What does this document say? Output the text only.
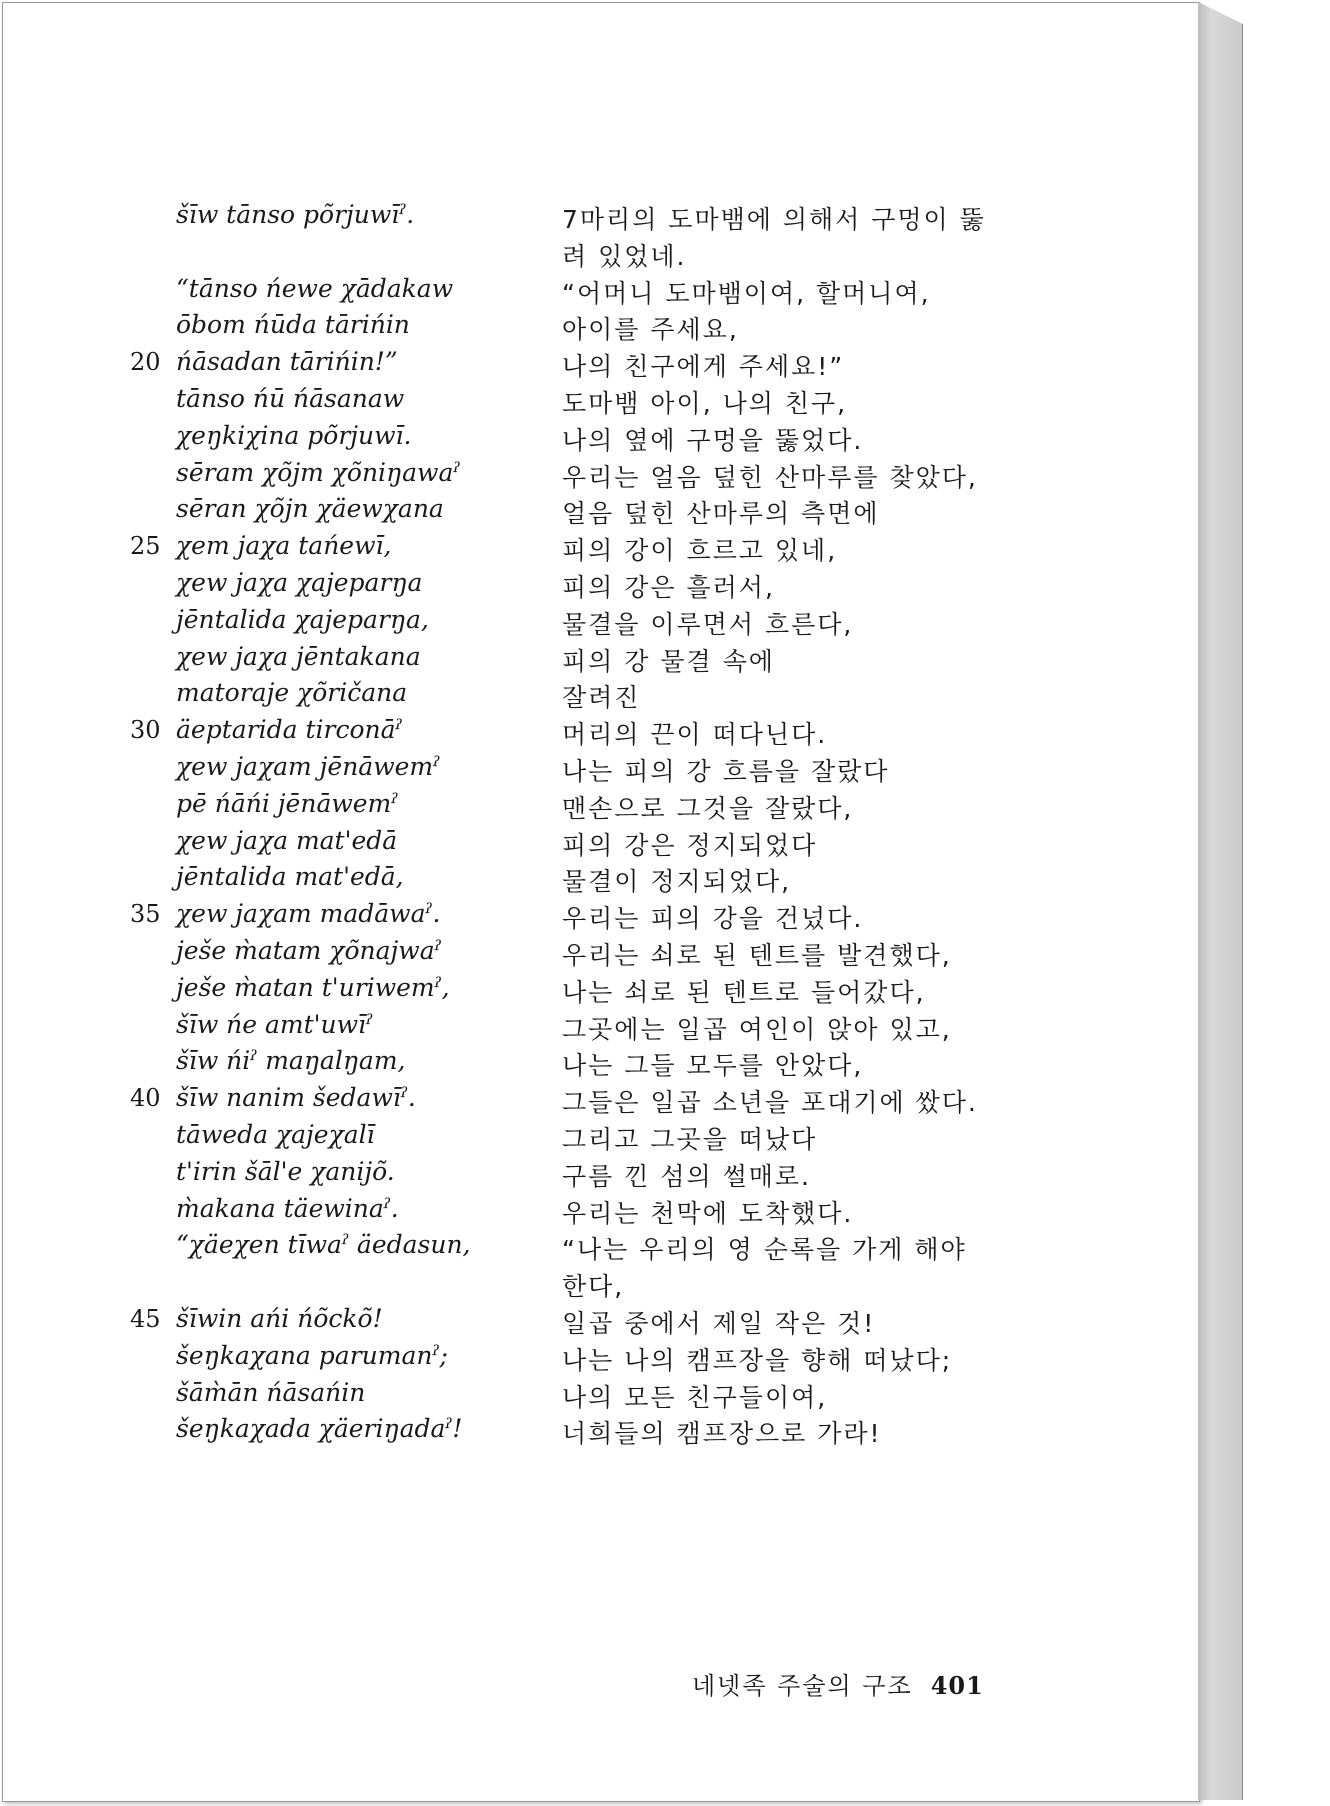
šīw tānso põrjuwīˀ.
“tānso ńewe χādakaw
ōbom ńūda tārińin
20 ńāsadan tārińin!”
tānso ńū ńāsanaw
χeŋkiχina põrjuwī.
sēram χõjm χõniŋawaˀ
sēran χõjn χäewχana
25 χem jaχa tańewī,
χew jaχa χajeparŋa
jēntalida χajeparŋa,
χew jaχa jēntakana
matoraje χõričana
30 äeptarida tirconāˀ
χew jaχam jēnāwemˀ
pē ńāńi jēnāwemˀ
χew jaχa mat'edā
jēntalida mat'edā,
35 χew jaχam madāwaˀ.
ješe m̀atam χõnajwaˀ
ješe m̀atan t'uriwemˀ,
šīw ńe amt'uwīˀ
šīw ńiˀ maŋalŋam,
40 šīw nanim šedawīˀ.
tāweda χajeχalī
t'irin šāl'e χanijõ.
m̀akana täewinaˀ.
“χäeχen tīwaˀ äedasun,
45 šīwin ańi ńõckõ!
šeŋkaχana parumanˀ;
šām̀ān ńāsańin
šeŋkaχada χäeriŋadaˀ!
7마리의 도마뱀에 의해서 구멍이 뚫
려 있었네.
“어머니 도마뱀이여, 할머니여,
아이를 주세요,
나의 친구에게 주세요!”
도마뱀 아이, 나의 친구,
나의 옆에 구멍을 뚫었다.
우리는 얼음 덮힌 산마루를 찾았다,
얼음 덮힌 산마루의 측면에
피의 강이 흐르고 있네,
피의 강은 흘러서,
물결을 이루면서 흐른다,
피의 강 물결 속에
잘려진
머리의 끈이 떠다닌다.
나는 피의 강 흐름을 잘랐다
맨손으로 그것을 잘랐다,
피의 강은 정지되었다
물결이 정지되었다,
우리는 피의 강을 건넜다.
우리는 쇠로 된 텐트를 발견했다,
나는 쇠로 된 텐트로 들어갔다,
그곳에는 일곱 여인이 앉아 있고,
나는 그들 모두를 안았다,
그들은 일곱 소년을 포대기에 쌌다.
그리고 그곳을 떠났다
구름 낀 섬의 썰매로.
우리는 천막에 도착했다.
“나는 우리의 영 순록을 가게 해야
한다,
일곱 중에서 제일 작은 것!
나는 나의 캠프장을 향해 떠났다;
나의 모든 친구들이여,
너희들의 캠프장으로 가라!
네넷족 주술의 구조 401
